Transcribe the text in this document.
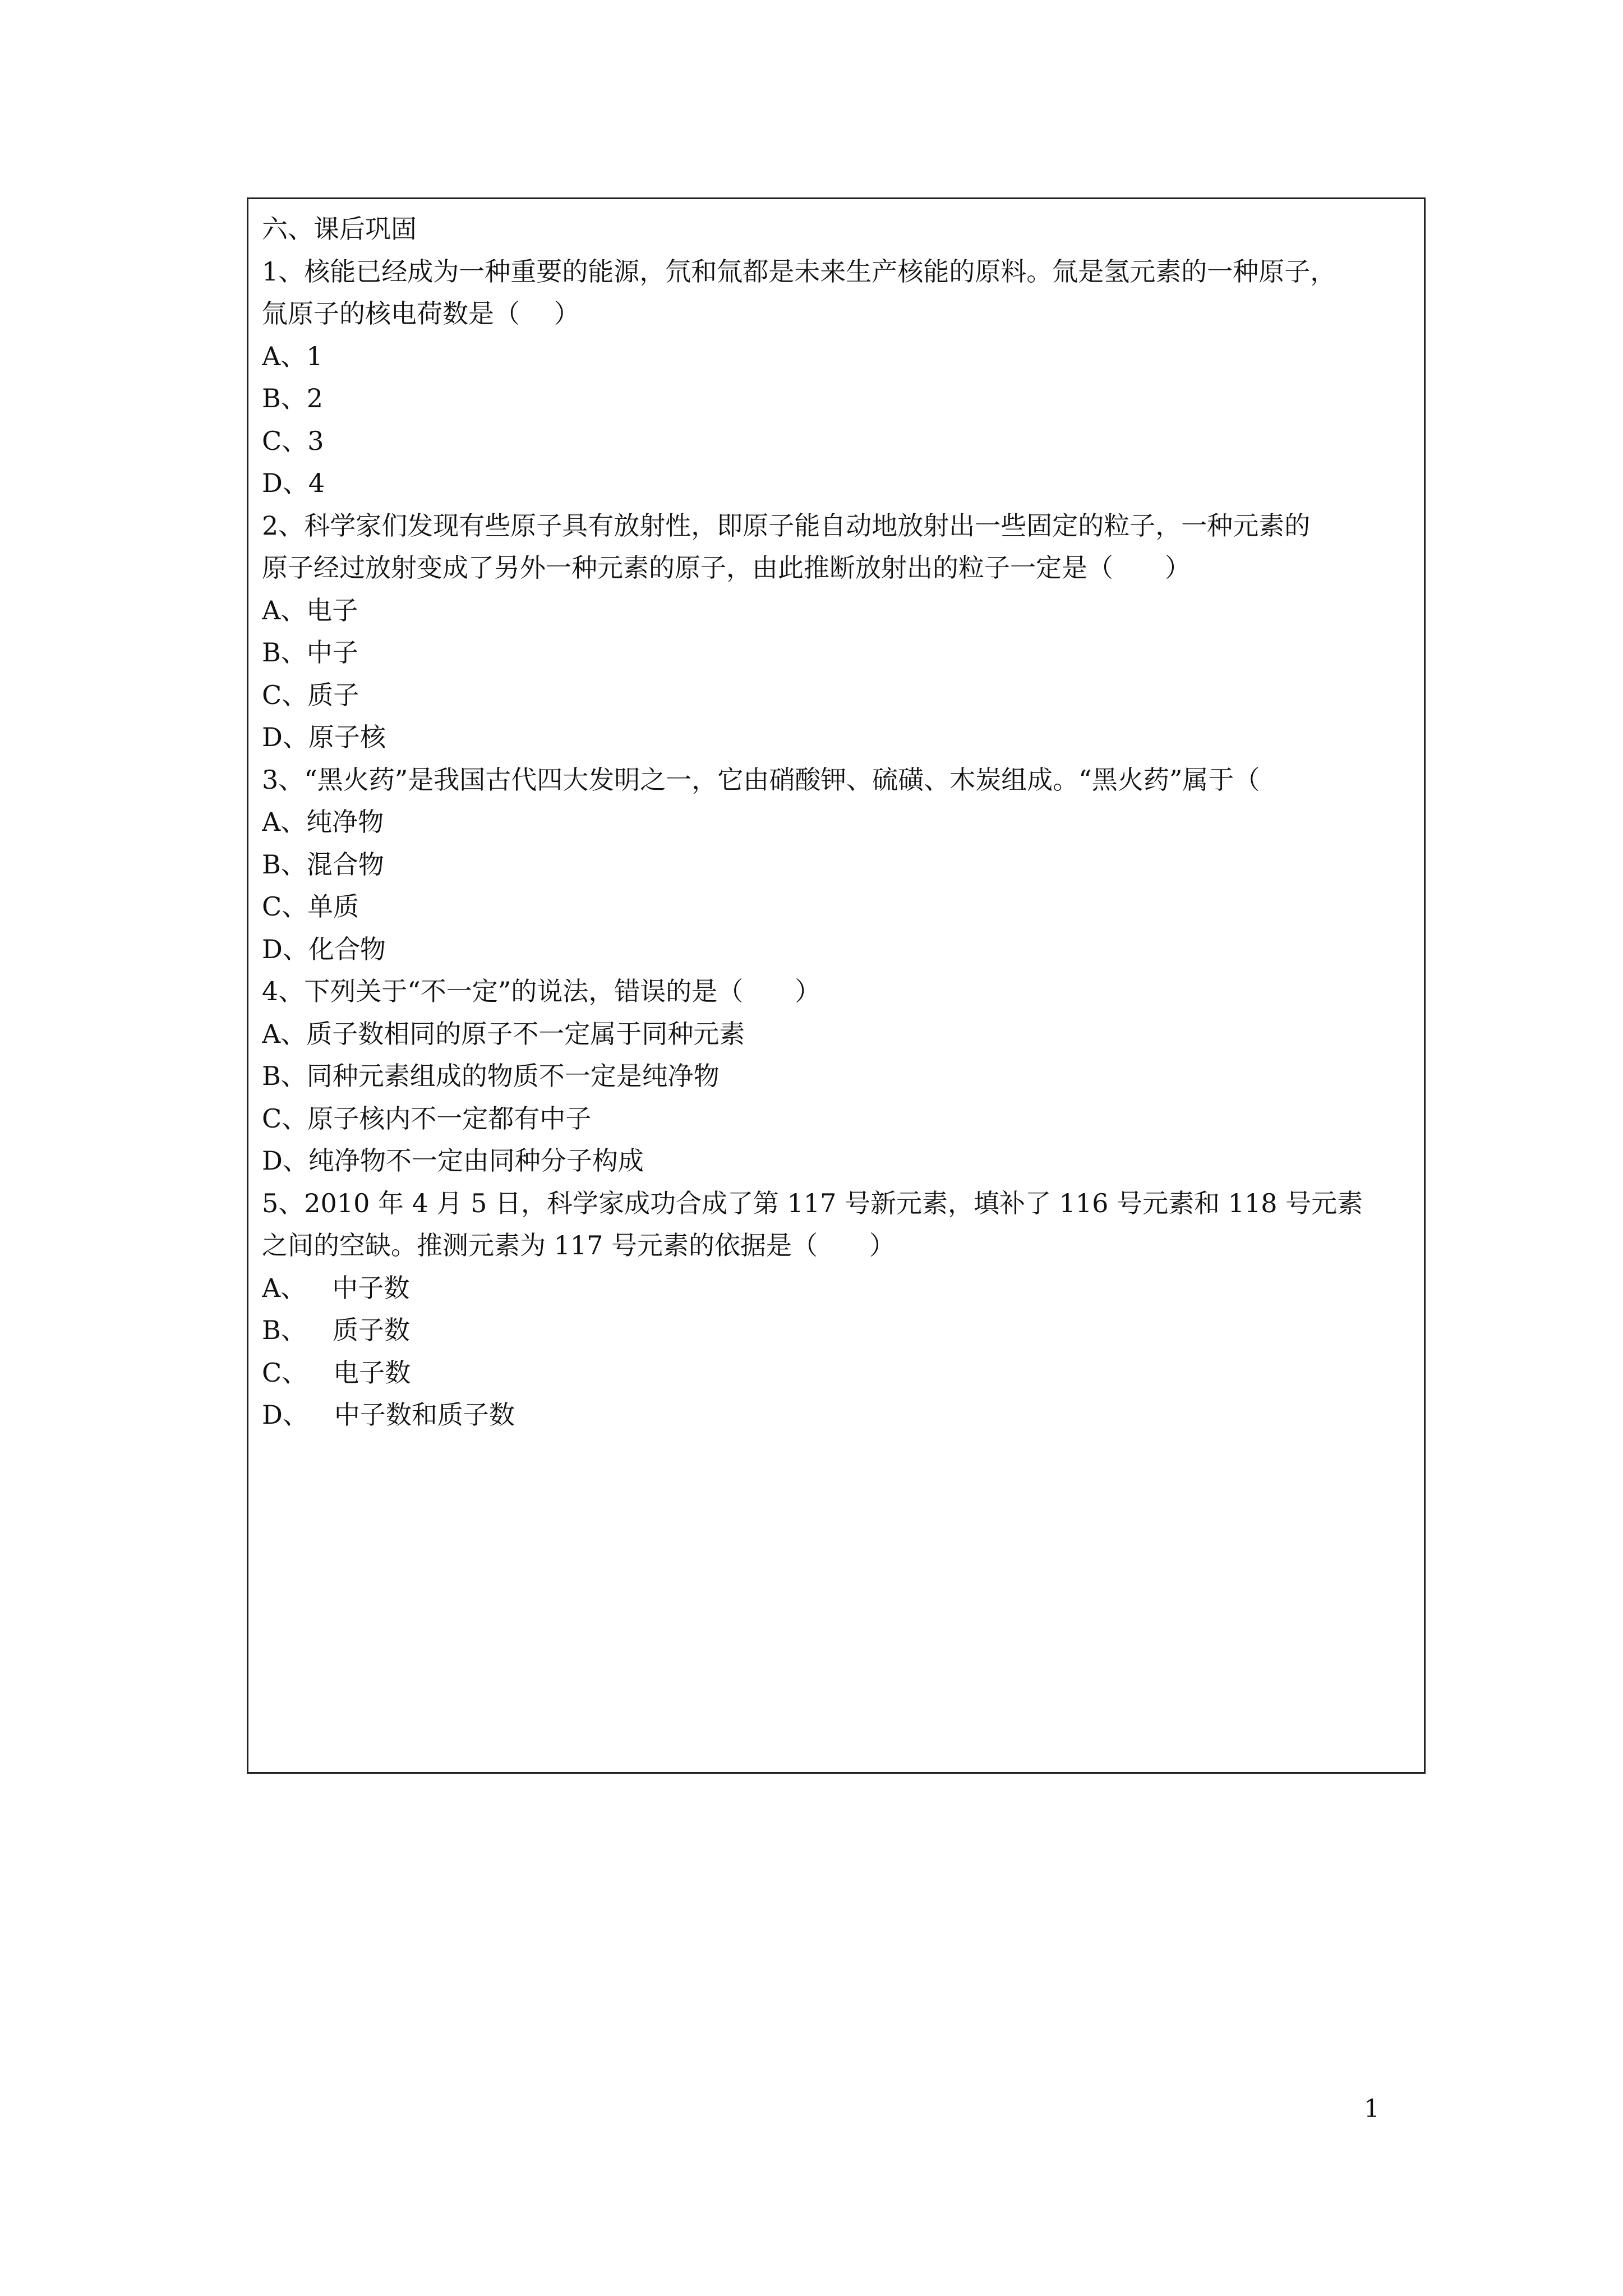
六、课后巩固
1、核能已经成为一种重要的能源，氘和氚都是未来生产核能的原料。氚是氢元素的一种原子，
氚原子的核电荷数是（　 ）
A、1
B、2
C、3
D、4
2、科学家们发现有些原子具有放射性，即原子能自动地放射出一些固定的粒子，一种元素的
原子经过放射变成了另外一种元素的原子，由此推断放射出的粒子一定是（　　）
A、电子
B、中子
C、质子
D、原子核
3、“黑火药”是我国古代四大发明之一，它由硝酸钾、硫磺、木炭组成。“黑火药”属于（
A、纯净物
B、混合物
C、单质
D、化合物
4、下列关于“不一定”的说法，错误的是（　　）
A、质子数相同的原子不一定属于同种元素
B、同种元素组成的物质不一定是纯净物
C、原子核内不一定都有中子
D、纯净物不一定由同种分子构成
5、2010 年 4 月 5 日，科学家成功合成了第 117 号新元素，填补了 116 号元素和 118 号元素
之间的空缺。推测元素为 117 号元素的依据是（　　）
A、 中子数
B、 质子数
C、 电子数
D、 中子数和质子数
1
